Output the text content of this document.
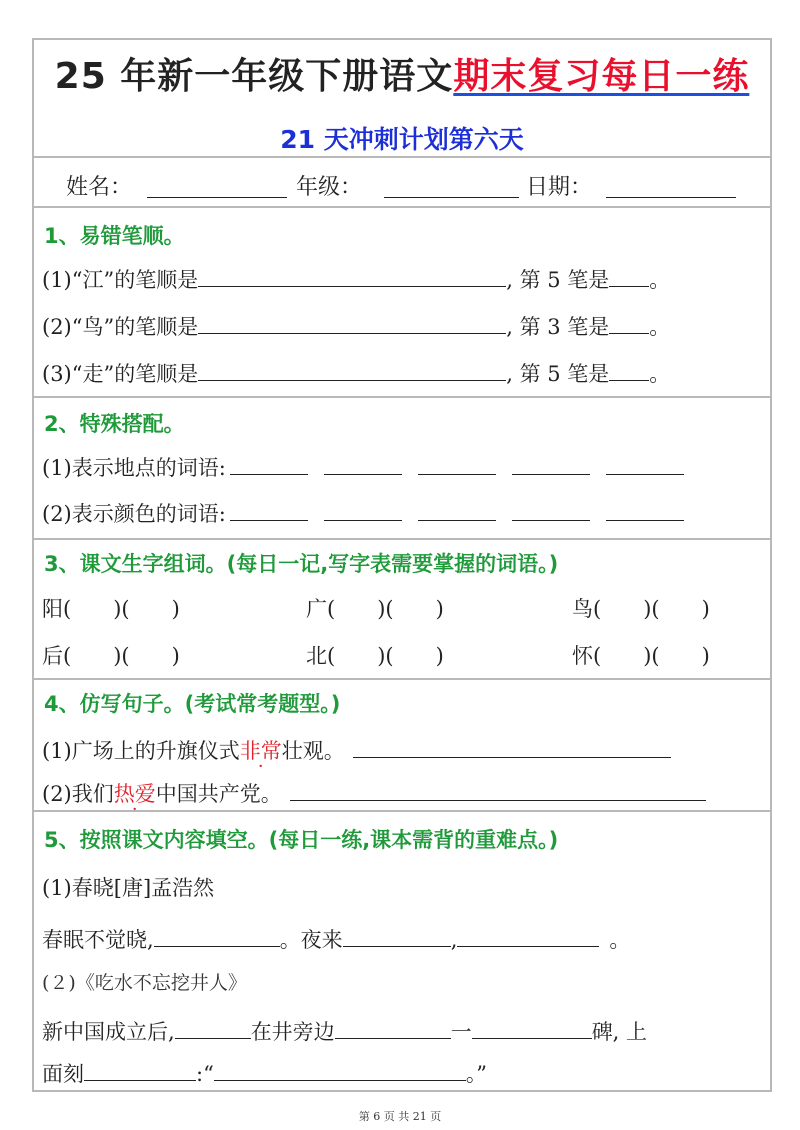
25 年新一年级下册语文期末复习每日一练
21 天冲刺计划第六天
姓名：	年级：	日期：
1、易错笔顺。
(1)“江”的笔顺是	, 第 5 笔是 。
(2)“鸟”的笔顺是	, 第 3 笔是 。
(3)“走”的笔顺是	, 第 5 笔是 。
2、特殊搭配。
(1)表示地点的词语:
(2)表示颜色的词语:
3、课文生字组词。(每日一记,写字表需要掌握的词语。)
阳(　　)(　　)	广(　　)(　　)	鸟(　　)(　　)
后(　　)(　　)	北(　　)(　　)	怀(　　)(　　)
4、仿写句子。(考试常考题型。)
(1)广场上的升旗仪式非常壮观。
(2)我们热爱中国共产党。
5、按照课文内容填空。(每日一练,课本需背的重难点。)
(1)春晓[唐]孟浩然
春眠不觉晓,	。夜来	,	。
(２)《吃水不忘挖井人》
新中国成立后,	在井旁边	一	碑, 上
面刻	:“	。”
第 6 页 共 21 页
